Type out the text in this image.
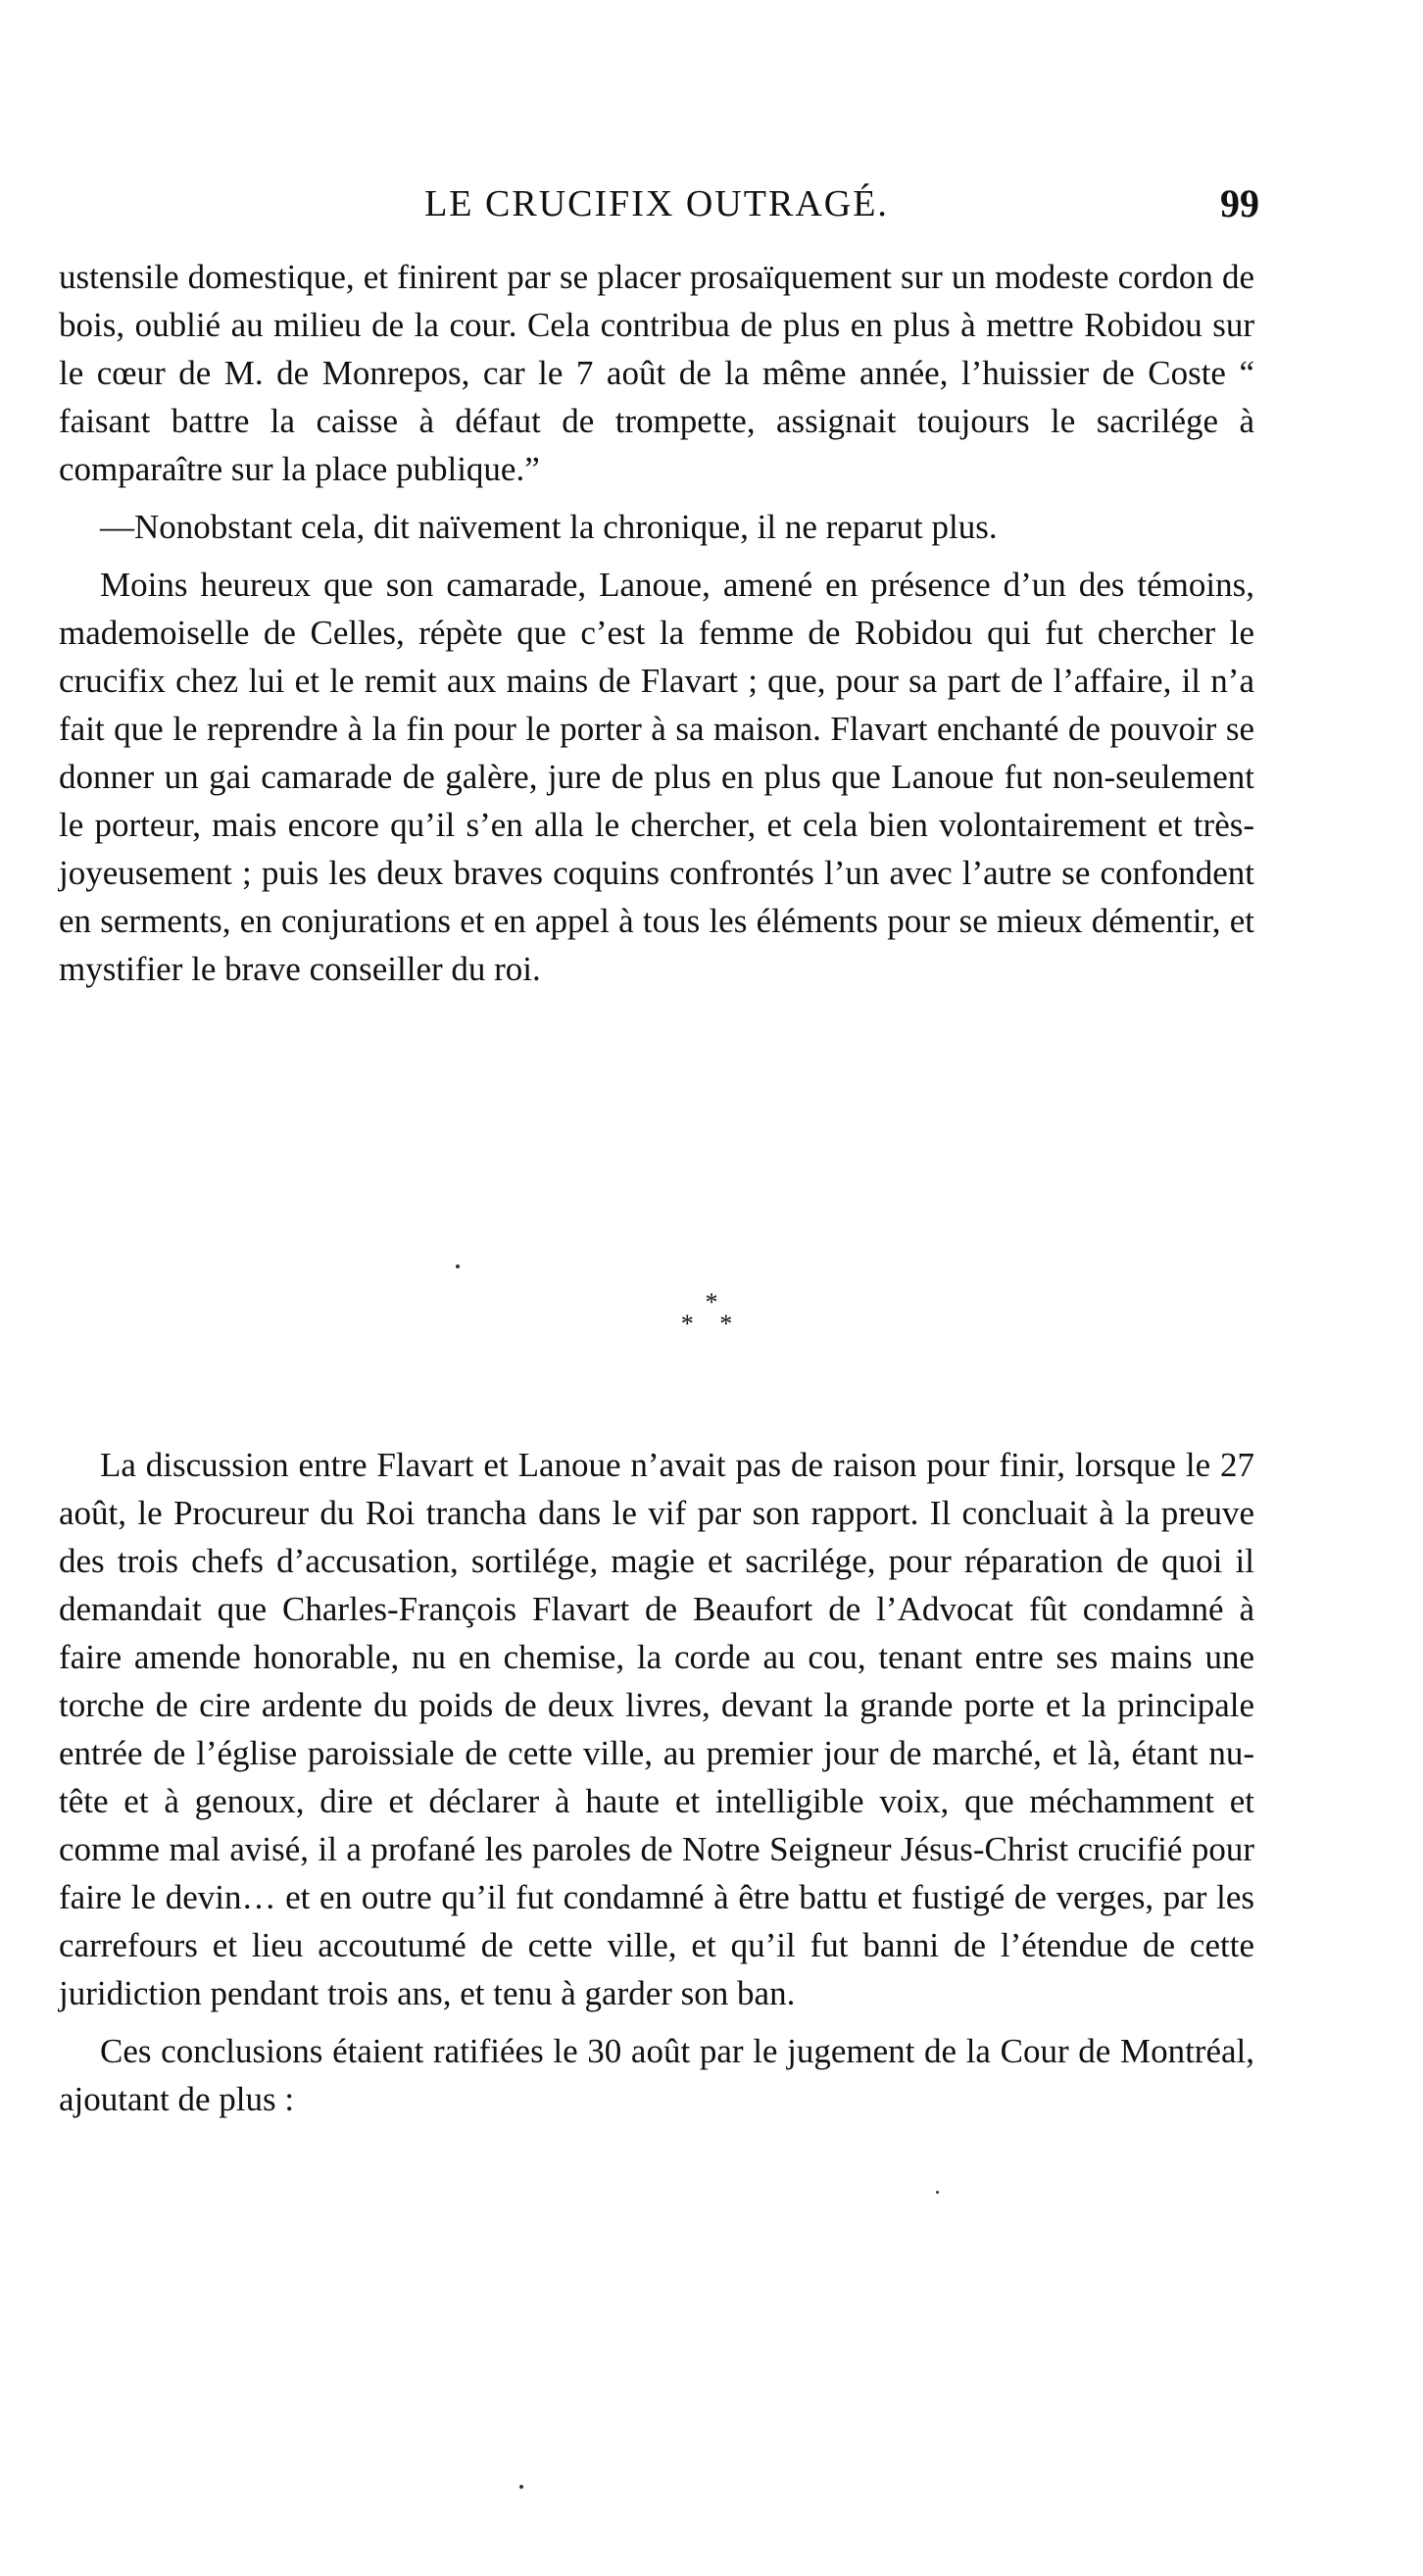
LE CRUCIFIX OUTRAGÉ.	99

ustensile domestique, et finirent par se placer prosaïquement sur un modeste cordon de bois, oublié au milieu de la cour. Cela contribua de plus en plus à mettre Robidou sur le cœur de M. de Monrepos, car le 7 août de la même année, l’huissier de Coste “ faisant battre la caisse à défaut de trompette, assignait toujours le sacrilége à comparaître sur la place publique.”

—Nonobstant cela, dit naïvement la chronique, il ne reparut plus.

Moins heureux que son camarade, Lanoue, amené en présence d’un des témoins, mademoiselle de Celles, répète que c’est la femme de Robidou qui fut chercher le crucifix chez lui et le remit aux mains de Flavart ; que, pour sa part de l’affaire, il n’a fait que le reprendre à la fin pour le porter à sa maison. Flavart enchanté de pouvoir se donner un gai camarade de galère, jure de plus en plus que Lanoue fut non-seulement le porteur, mais encore qu’il s’en alla le chercher, et cela bien volontairement et très-joyeusement ; puis les deux braves coquins confrontés l’un avec l’autre se confondent en serments, en conjurations et en appel à tous les éléments pour se mieux démentir, et mystifier le brave conseiller du roi.

*
* *

La discussion entre Flavart et Lanoue n’avait pas de raison pour finir, lorsque le 27 août, le Procureur du Roi trancha dans le vif par son rapport. Il concluait à la preuve des trois chefs d’accusation, sortilége, magie et sacrilége, pour réparation de quoi il demandait que Charles-François Flavart de Beaufort de l’Advocat fût condamné à faire amende honorable, nu en chemise, la corde au cou, tenant entre ses mains une torche de cire ardente du poids de deux livres, devant la grande porte et la principale entrée de l’église paroissiale de cette ville, au premier jour de marché, et là, étant nu-tête et à genoux, dire et déclarer à haute et intelligible voix, que méchamment et comme mal avisé, il a profané les paroles de Notre Seigneur Jésus-Christ crucifié pour faire le devin… et en outre qu’il fut condamné à être battu et fustigé de verges, par les carrefours et lieu accoutumé de cette ville, et qu’il fut banni de l’étendue de cette juridiction pendant trois ans, et tenu à garder son ban.

Ces conclusions étaient ratifiées le 30 août par le jugement de la Cour de Montréal, ajoutant de plus :
